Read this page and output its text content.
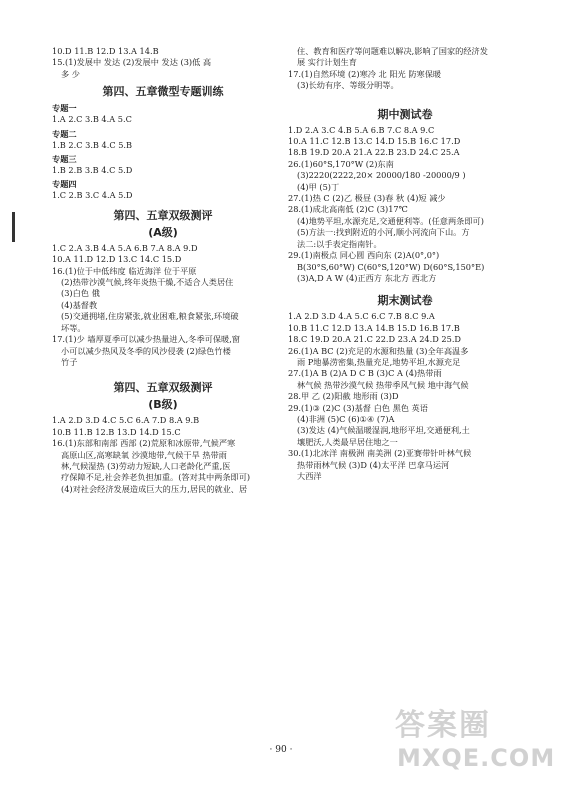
10.D 11.B 12.D 13.A 14.B
15.(1)发展中 发达 (2)发展中 发达 (3)低 高
多 少
第四、五章微型专题训练
专题一
1.A 2.C 3.B 4.A 5.C
专题二
1.B 2.C 3.B 4.C 5.B
专题三
1.B 2.B 3.B 4.C 5.D
专题四
1.C 2.B 3.C 4.A 5.D
第四、五章双级测评
(A级)
1.C 2.A 3.B 4.A 5.A 6.B 7.A 8.A 9.D
10.A 11.D 12.D 13.C 14.C 15.D
16.(1)位于中低纬度 临近海洋 位于平原
(2)热带沙漠气候,终年炎热干燥,不适合人类居住
(3)白色 俄
(4)基督教
(5)交通拥堵,住房紧张,就业困难,粮食紧张,环境破
坏等。
17.(1)少 墙厚夏季可以减少热量进入,冬季可保暖,窗
小可以减少热风及冬季的风沙侵袭 (2)绿色竹楼
竹子
第四、五章双级测评
(B级)
1.A 2.D 3.D 4.C 5.C 6.A 7.D 8.A 9.B
10.B 11.B 12.B 13.D 14.D 15.C
16.(1)东部和南部 西部 (2)荒原和冰原带,气候严寒
高原山区,高寒缺氧 沙漠地带,气候干旱 热带雨
林,气候湿热 (3)劳动力短缺,人口老龄化严重,医
疗保障不足,社会养老负担加重。(答对其中两条即可)
(4)对社会经济发展造成巨大的压力,居民的就业、居
住、教育和医疗等问题难以解决,影响了国家的经济发
展 实行计划生育
17.(1)自然环境 (2)寒冷 北 阳光 防寒保暖
(3)长幼有序、等级分明等。
期中测试卷
1.D 2.A 3.C 4.B 5.A 6.B 7.C 8.A 9.C
10.A 11.C 12.B 13.C 14.D 15.B 16.C 17.D
18.B 19.D 20.A 21.A 22.B 23.D 24.C 25.A
26.(1)60°S,170°W (2)东南
(3)2220(2222,20× 20000/180 -20000/9 )
(4)甲 (5)丁
27.(1)热 C (2)乙 极昼 (3)春 秋 (4)短 减少
28.(1)成北高南低 (2)C (3)17℃
(4)地势平坦,水源充足,交通便利等。(任意两条即可)
(5)方法一:找到附近的小河,顺小河流向下山。方
法二:以手表定指南针。
29.(1)南极点 同心圆 西向东 (2)A(0°,0°)
B(30°S,60°W) C(60°S,120°W) D(60°S,150°E)
(3)A,D A W (4)正西方 东北方 西北方
期末测试卷
1.A 2.D 3.D 4.A 5.C 6.C 7.B 8.C 9.A
10.B 11.C 12.D 13.A 14.B 15.D 16.B 17.B
18.C 19.D 20.A 21.C 22.D 23.A 24.D 25.D
26.(1)A BC (2)充足的水源和热量 (3)全年高温多
雨 P地暴涝密集,热量充足,地势平坦,水源充足
27.(1)A B (2)A D C B (3)C A (4)热带雨
林气候 热带沙漠气候 热带季风气候 地中海气候
28.甲 乙 (2)阳截 地形雨 (3)D
29.(1)③ (2)C (3)基督 白色 黑色 英语
(4)非洲 (5)C (6)①④ (7)A
(3)发达 (4)气候温暖湿润,地形平坦,交通便利,土
壤肥沃,人类最早居住地之一
30.(1)北冰洋 南极洲 南美洲 (2)亚赛带针叶林气候
热带雨林气候 (3)D (4)太平洋 巴拿马运河
大西洋
· 90 ·
答案圈
MXQE.COM
